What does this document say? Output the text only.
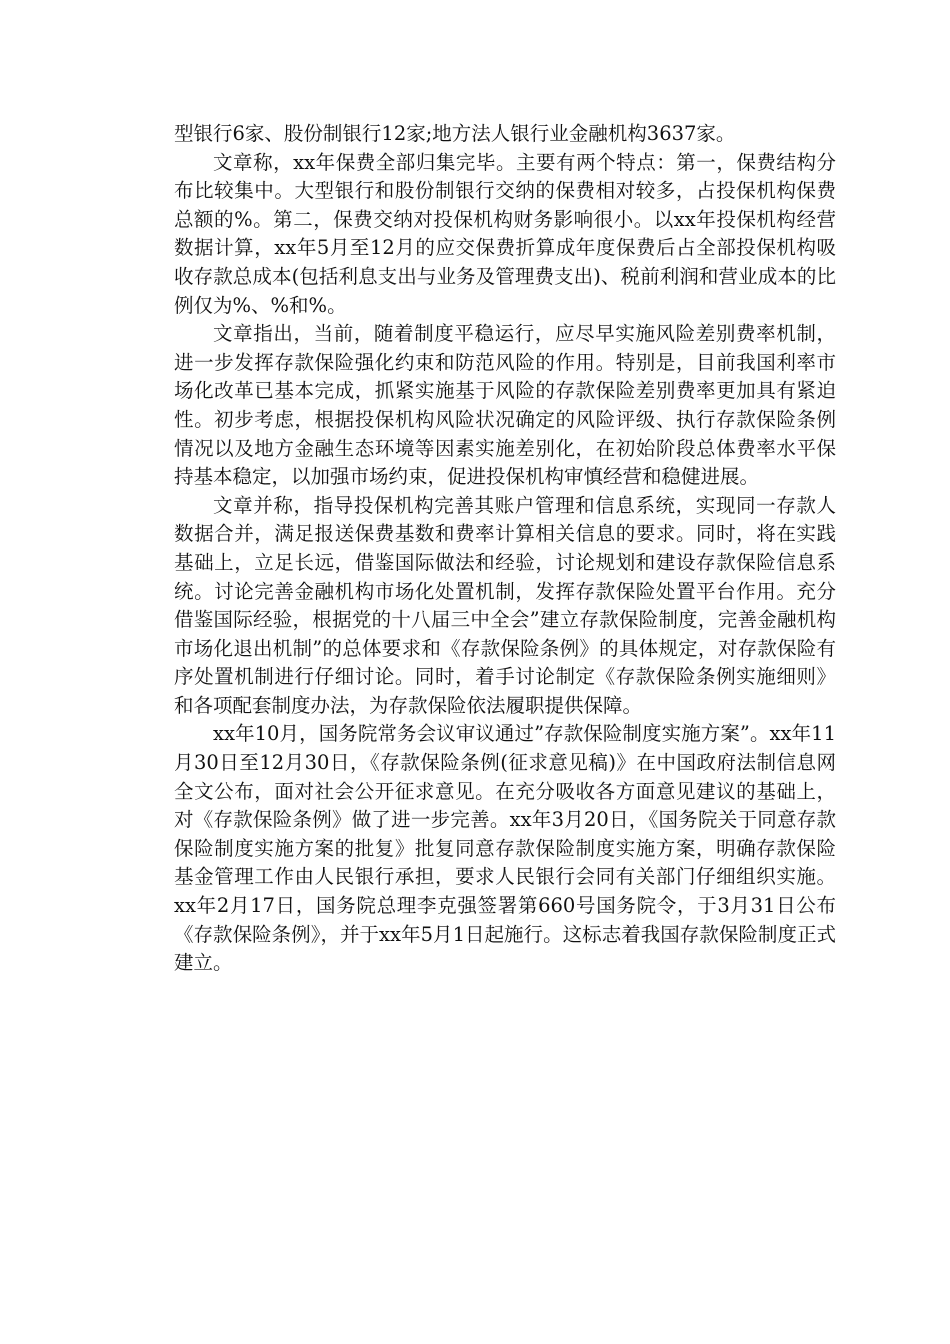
型银行6家、股份制银行12家;地方法人银行业金融机构3637家。

文章称，xx年保费全部归集完毕。主要有两个特点：第一，保费结构分布比较集中。大型银行和股份制银行交纳的保费相对较多，占投保机构保费总额的%。第二，保费交纳对投保机构财务影响很小。以xx年投保机构经营数据计算，xx年5月至12月的应交保费折算成年度保费后占全部投保机构吸收存款总成本(包括利息支出与业务及管理费支出)、税前利润和营业成本的比例仅为%、%和%。

文章指出，当前，随着制度平稳运行，应尽早实施风险差别费率机制，进一步发挥存款保险强化约束和防范风险的作用。特别是，目前我国利率市场化改革已基本完成，抓紧实施基于风险的存款保险差别费率更加具有紧迫性。初步考虑，根据投保机构风险状况确定的风险评级、执行存款保险条例情况以及地方金融生态环境等因素实施差别化，在初始阶段总体费率水平保持基本稳定，以加强市场约束，促进投保机构审慎经营和稳健进展。

文章并称，指导投保机构完善其账户管理和信息系统，实现同一存款人数据合并，满足报送保费基数和费率计算相关信息的要求。同时，将在实践基础上，立足长远，借鉴国际做法和经验，讨论规划和建设存款保险信息系统。讨论完善金融机构市场化处置机制，发挥存款保险处置平台作用。充分借鉴国际经验，根据党的十八届三中全会”建立存款保险制度，完善金融机构市场化退出机制”的总体要求和《存款保险条例》的具体规定，对存款保险有序处置机制进行仔细讨论。同时，着手讨论制定《存款保险条例实施细则》和各项配套制度办法，为存款保险依法履职提供保障。

xx年10月，国务院常务会议审议通过”存款保险制度实施方案”。xx年11月30日至12月30日，《存款保险条例(征求意见稿)》在中国政府法制信息网全文公布，面对社会公开征求意见。在充分吸收各方面意见建议的基础上，对《存款保险条例》做了进一步完善。xx年3月20日，《国务院关于同意存款保险制度实施方案的批复》批复同意存款保险制度实施方案，明确存款保险基金管理工作由人民银行承担，要求人民银行会同有关部门仔细组织实施。xx年2月17日，国务院总理李克强签署第660号国务院令，于3月31日公布《存款保险条例》，并于xx年5月1日起施行。这标志着我国存款保险制度正式建立。
